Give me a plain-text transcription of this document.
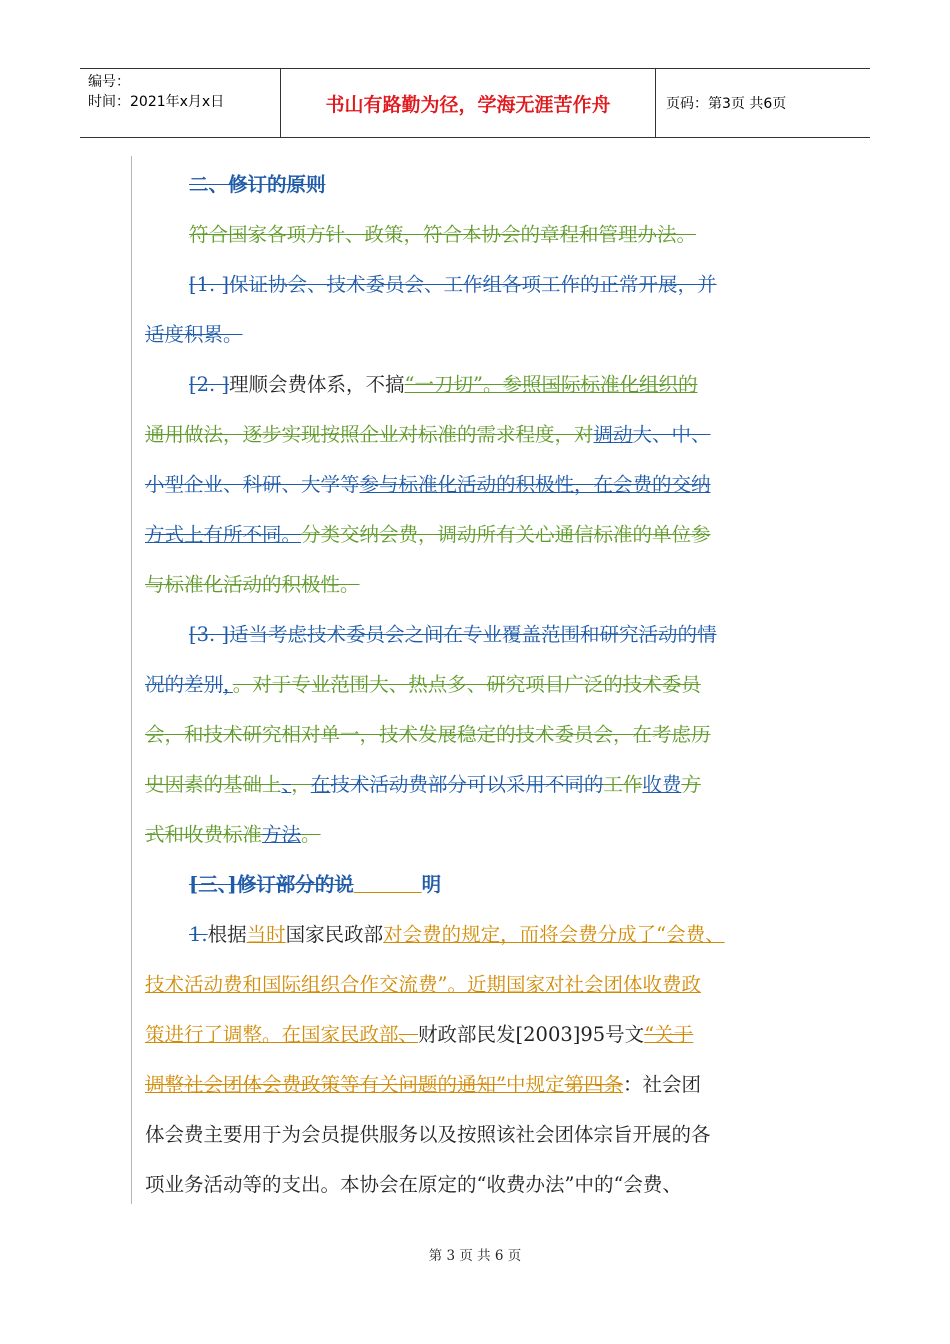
编号：
时间：2021年x月x日	书山有路勤为径，学海无涯苦作舟	页码：第3页 共6页
二、修订的原则
符合国家各项方针、政策，符合本协会的章程和管理办法。
[1. ]保证协会、技术委员会、工作组各项工作的正常开展，并
适度积累。
[2. ]理顺会费体系，不搞“一刀切”。参照国际标准化组织的
通用做法，逐步实现按照企业对标准的需求程度，对调动大、中、
小型企业、科研、大学等参与标准化活动的积极性，在会费的交纳
方式上有所不同。分类交纳会费，调动所有关心通信标准的单位参
与标准化活动的积极性。
[3. ]适当考虑技术委员会之间在专业覆盖范围和研究活动的情
况的差别，。对于专业范围大、热点多、研究项目广泛的技术委员
会，和技术研究相对单一，技术发展稳定的技术委员会，在考虑历
史因素的基础上、，在技术活动费部分可以采用不同的工作收费方
式和收费标准方法。
[三、]修订部分的说	明
1.根据当时国家民政部对会费的规定，而将会费分成了“会费、
技术活动费和国际组织合作交流费”。近期国家对社会团体收费政
策进行了调整。在国家民政部、财政部民发[2003]95号文“关于
调整社会团体会费政策等有关问题的通知”中规定第四条：社会团
体会费主要用于为会员提供服务以及按照该社会团体宗旨开展的各
项业务活动等的支出。本协会在原定的“收费办法”中的“会费、
第 3 页 共 6 页
